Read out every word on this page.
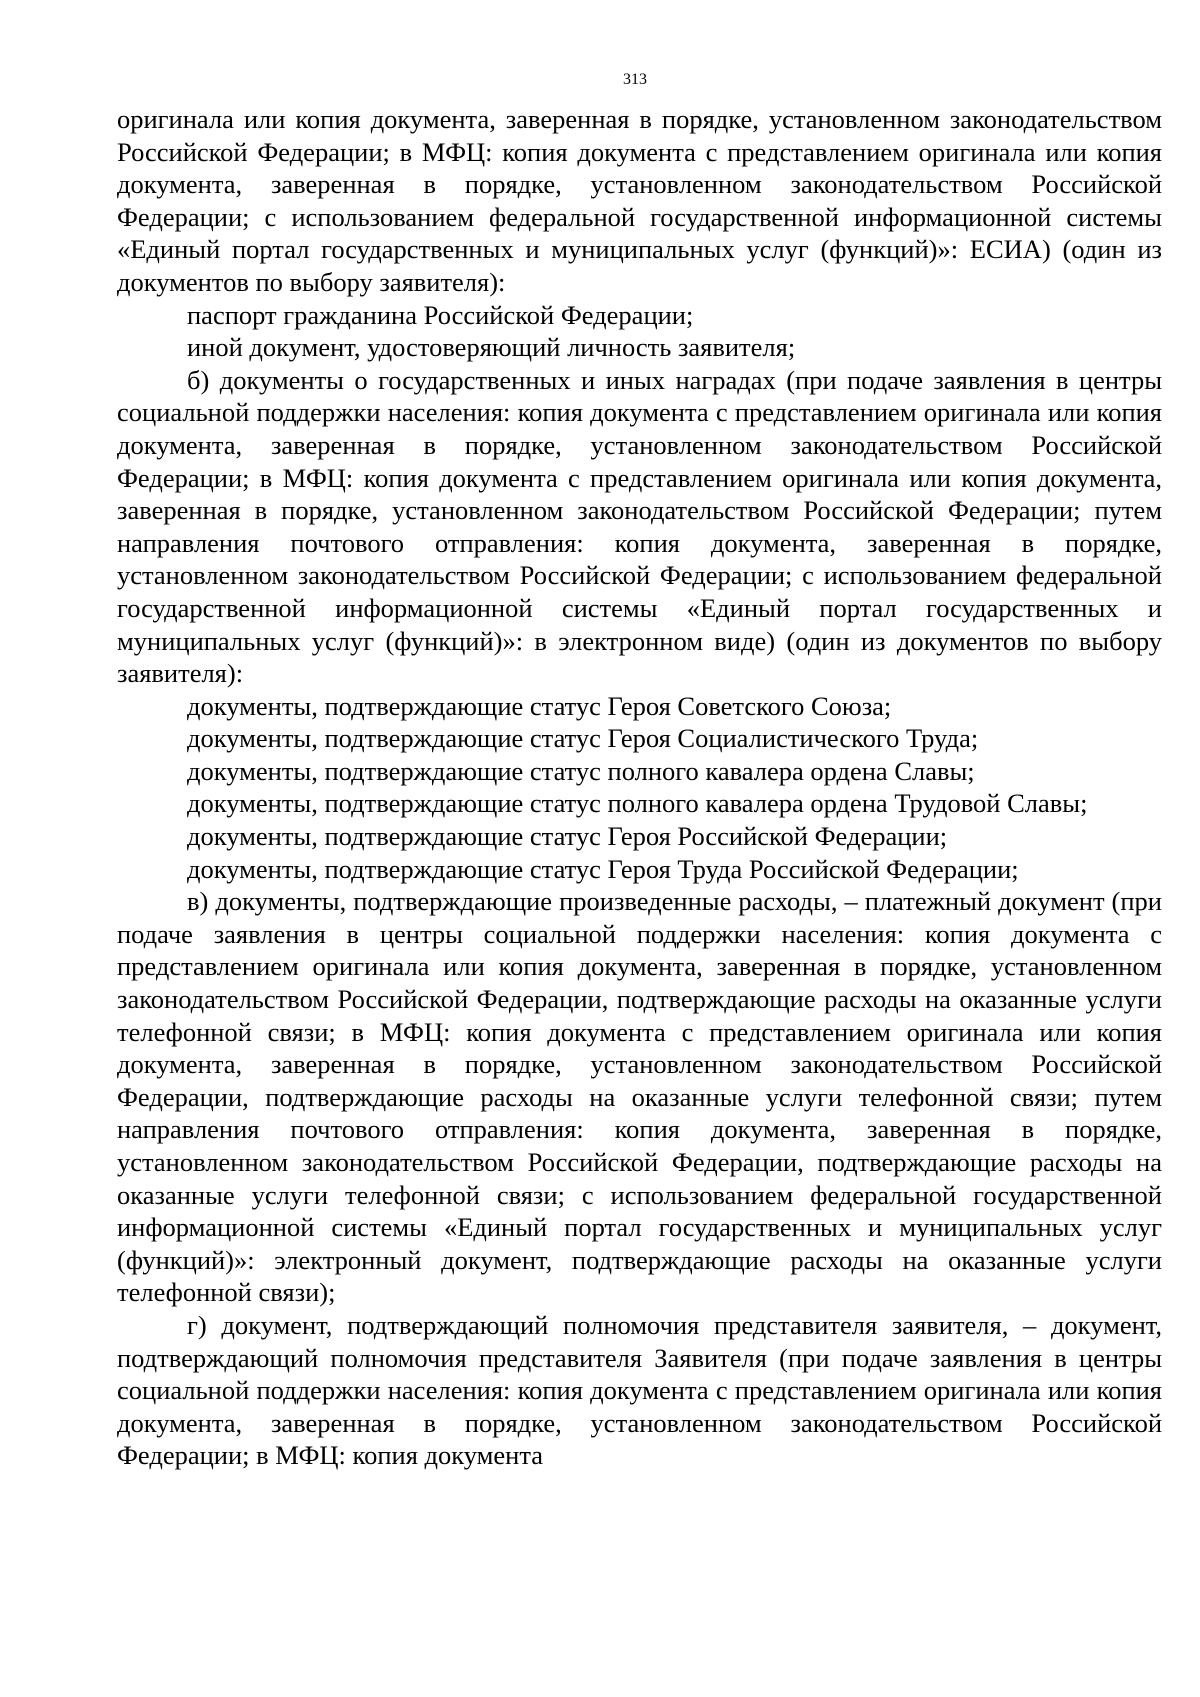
313

оригинала или копия документа, заверенная в порядке, установленном законодательством Российской Федерации; в МФЦ: копия документа с представлением оригинала или копия документа, заверенная в порядке, установленном законодательством Российской Федерации; с использованием федеральной государственной информационной системы «Единый портал государственных и муниципальных услуг (функций)»: ЕСИА) (один из документов по выбору заявителя):

паспорт гражданина Российской Федерации;

иной документ, удостоверяющий личность заявителя;

б) документы о государственных и иных наградах (при подаче заявления в центры социальной поддержки населения: копия документа с представлением оригинала или копия документа, заверенная в порядке, установленном законодательством Российской Федерации; в МФЦ: копия документа с представлением оригинала или копия документа, заверенная в порядке, установленном законодательством Российской Федерации; путем направления почтового отправления: копия документа, заверенная в порядке, установленном законодательством Российской Федерации; с использованием федеральной государственной информационной системы «Единый портал государственных и муниципальных услуг (функций)»: в электронном виде) (один из документов по выбору заявителя):

документы, подтверждающие статус Героя Советского Союза;

документы, подтверждающие статус Героя Социалистического Труда;

документы, подтверждающие статус полного кавалера ордена Славы;

документы, подтверждающие статус полного кавалера ордена Трудовой Славы;

документы, подтверждающие статус Героя Российской Федерации;

документы, подтверждающие статус Героя Труда Российской Федерации;

в) документы, подтверждающие произведенные расходы, – платежный документ (при подаче заявления в центры социальной поддержки населения: копия документа с представлением оригинала или копия документа, заверенная в порядке, установленном законодательством Российской Федерации, подтверждающие расходы на оказанные услуги телефонной связи; в МФЦ: копия документа с представлением оригинала или копия документа, заверенная в порядке, установленном законодательством Российской Федерации, подтверждающие расходы на оказанные услуги телефонной связи; путем направления почтового отправления: копия документа, заверенная в порядке, установленном законодательством Российской Федерации, подтверждающие расходы на оказанные услуги телефонной связи; с использованием федеральной государственной информационной системы «Единый портал государственных и муниципальных услуг (функций)»: электронный документ, подтверждающие расходы на оказанные услуги телефонной связи);

г) документ, подтверждающий полномочия представителя заявителя, – документ, подтверждающий полномочия представителя Заявителя (при подаче заявления в центры социальной поддержки населения: копия документа с представлением оригинала или копия документа, заверенная в порядке, установленном законодательством Российской Федерации; в МФЦ: копия документа
